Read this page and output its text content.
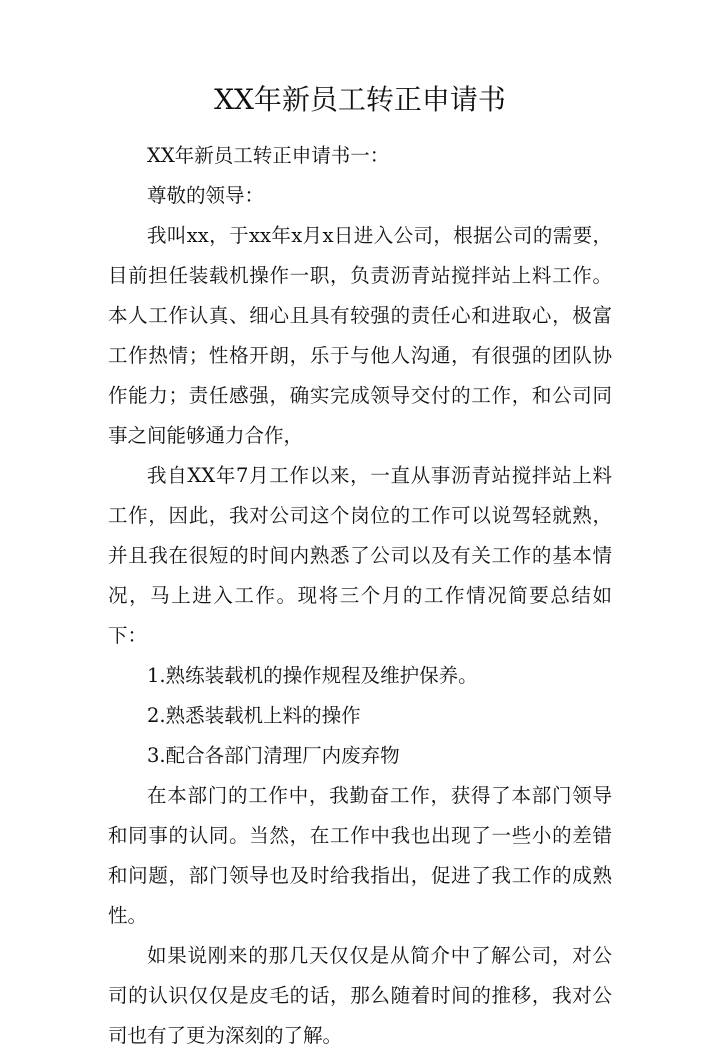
XX年新员工转正申请书

XX年新员工转正申请书一：

尊敬的领导：

我叫xx，于xx年x月x日进入公司，根据公司的需要，目前担任装载机操作一职，负责沥青站搅拌站上料工作。本人工作认真、细心且具有较强的责任心和进取心，极富工作热情；性格开朗，乐于与他人沟通，有很强的团队协作能力；责任感强，确实完成领导交付的工作，和公司同事之间能够通力合作，

我自XX年7月工作以来，一直从事沥青站搅拌站上料工作，因此，我对公司这个岗位的工作可以说驾轻就熟，并且我在很短的时间内熟悉了公司以及有关工作的基本情况，马上进入工作。现将三个月的工作情况简要总结如下：

1.熟练装载机的操作规程及维护保养。

2.熟悉装载机上料的操作

3.配合各部门清理厂内废弃物

在本部门的工作中，我勤奋工作，获得了本部门领导和同事的认同。当然，在工作中我也出现了一些小的差错和问题，部门领导也及时给我指出，促进了我工作的成熟性。

如果说刚来的那几天仅仅是从简介中了解公司，对公司的认识仅仅是皮毛的话，那么随着时间的推移，我对公司也有了更为深刻的了解。
